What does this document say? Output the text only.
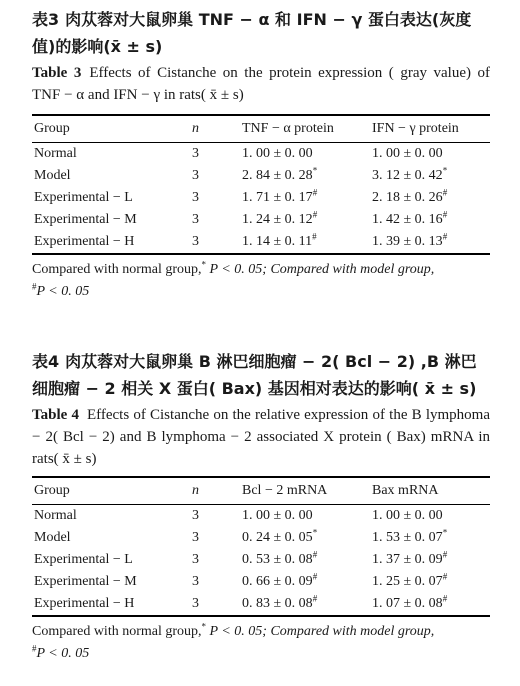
表3 肉苁蓉对大鼠卵巢 TNF − α 和 IFN − γ 蛋白表达(灰度值)的影响(x̄ ± s)
Table 3 Effects of Cistanche on the protein expression ( gray value) of TNF − α and IFN − γ in rats( x̄ ± s)
Group	n	TNF − α protein	IFN − γ protein
Normal	3	1. 00 ± 0. 00	1. 00 ± 0. 00
Model	3	2. 84 ± 0. 28*	3. 12 ± 0. 42*
Experimental − L	3	1. 71 ± 0. 17#	2. 18 ± 0. 26#
Experimental − M	3	1. 24 ± 0. 12#	1. 42 ± 0. 16#
Experimental − H	3	1. 14 ± 0. 11#	1. 39 ± 0. 13#
Compared with normal group,* P < 0. 05; Compared with model group,
#P < 0. 05
表4 肉苁蓉对大鼠卵巢 B 淋巴细胞瘤 − 2( Bcl − 2) ,B 淋巴细胞瘤 − 2 相关 X 蛋白( Bax) 基因相对表达的影响( x̄ ± s)
Table 4 Effects of Cistanche on the relative expression of the B lymphoma − 2( Bcl − 2) and B lymphoma − 2 associated X protein ( Bax) mRNA in rats( x̄ ± s)
Group	n	Bcl − 2 mRNA	Bax mRNA
Normal	3	1. 00 ± 0. 00	1. 00 ± 0. 00
Model	3	0. 24 ± 0. 05*	1. 53 ± 0. 07*
Experimental − L	3	0. 53 ± 0. 08#	1. 37 ± 0. 09#
Experimental − M	3	0. 66 ± 0. 09#	1. 25 ± 0. 07#
Experimental − H	3	0. 83 ± 0. 08#	1. 07 ± 0. 08#
Compared with normal group,* P < 0. 05; Compared with model group,
#P < 0. 05
